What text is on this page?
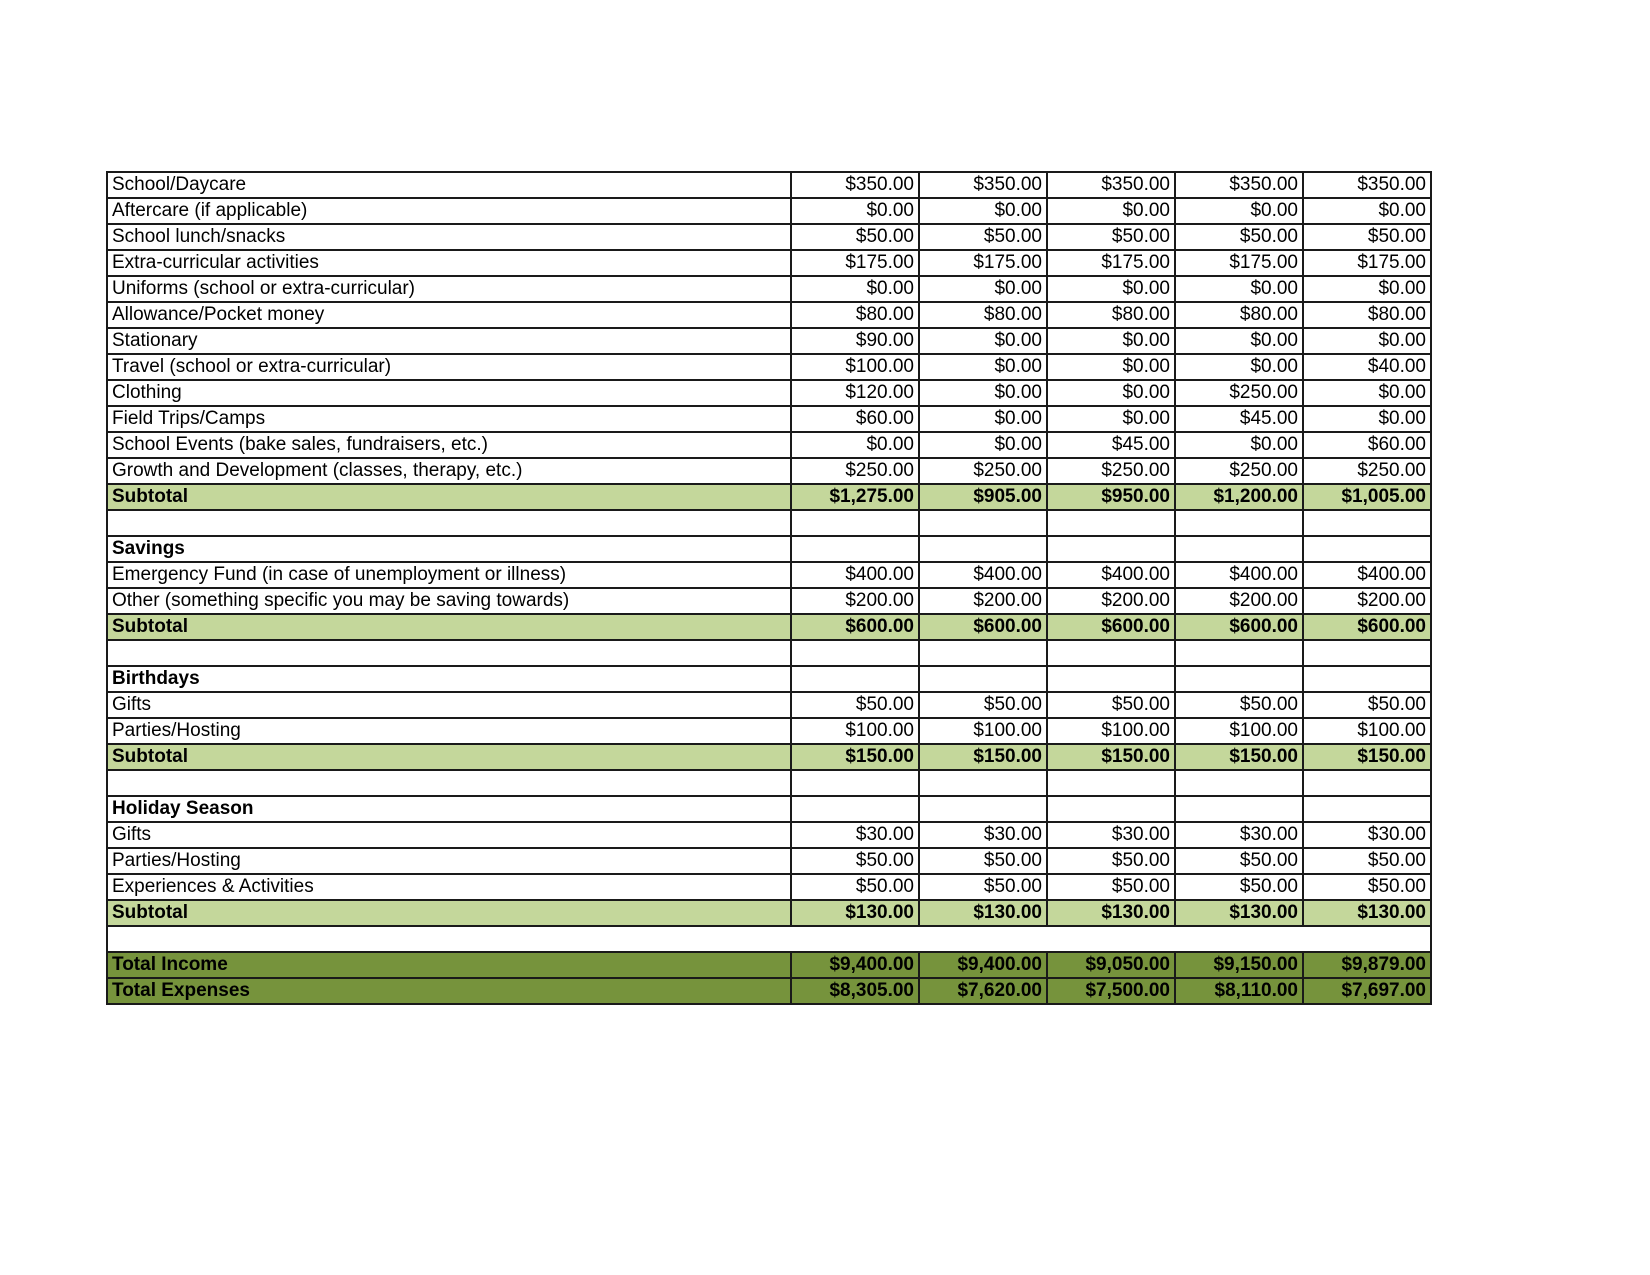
School/Daycare	$350.00	$350.00	$350.00	$350.00	$350.00
Aftercare (if applicable)	$0.00	$0.00	$0.00	$0.00	$0.00
School lunch/snacks	$50.00	$50.00	$50.00	$50.00	$50.00
Extra-curricular activities	$175.00	$175.00	$175.00	$175.00	$175.00
Uniforms (school or extra-curricular)	$0.00	$0.00	$0.00	$0.00	$0.00
Allowance/Pocket money	$80.00	$80.00	$80.00	$80.00	$80.00
Stationary	$90.00	$0.00	$0.00	$0.00	$0.00
Travel (school or extra-curricular)	$100.00	$0.00	$0.00	$0.00	$40.00
Clothing	$120.00	$0.00	$0.00	$250.00	$0.00
Field Trips/Camps	$60.00	$0.00	$0.00	$45.00	$0.00
School Events (bake sales, fundraisers, etc.)	$0.00	$0.00	$45.00	$0.00	$60.00
Growth and Development (classes, therapy, etc.)	$250.00	$250.00	$250.00	$250.00	$250.00
Subtotal	$1,275.00	$905.00	$950.00	$1,200.00	$1,005.00

Savings					
Emergency Fund (in case of unemployment or illness)	$400.00	$400.00	$400.00	$400.00	$400.00
Other (something specific you may be saving towards)	$200.00	$200.00	$200.00	$200.00	$200.00
Subtotal	$600.00	$600.00	$600.00	$600.00	$600.00

Birthdays					
Gifts	$50.00	$50.00	$50.00	$50.00	$50.00
Parties/Hosting	$100.00	$100.00	$100.00	$100.00	$100.00
Subtotal	$150.00	$150.00	$150.00	$150.00	$150.00

Holiday Season					
Gifts	$30.00	$30.00	$30.00	$30.00	$30.00
Parties/Hosting	$50.00	$50.00	$50.00	$50.00	$50.00
Experiences & Activities	$50.00	$50.00	$50.00	$50.00	$50.00
Subtotal	$130.00	$130.00	$130.00	$130.00	$130.00

Total Income	$9,400.00	$9,400.00	$9,050.00	$9,150.00	$9,879.00
Total Expenses	$8,305.00	$7,620.00	$7,500.00	$8,110.00	$7,697.00
